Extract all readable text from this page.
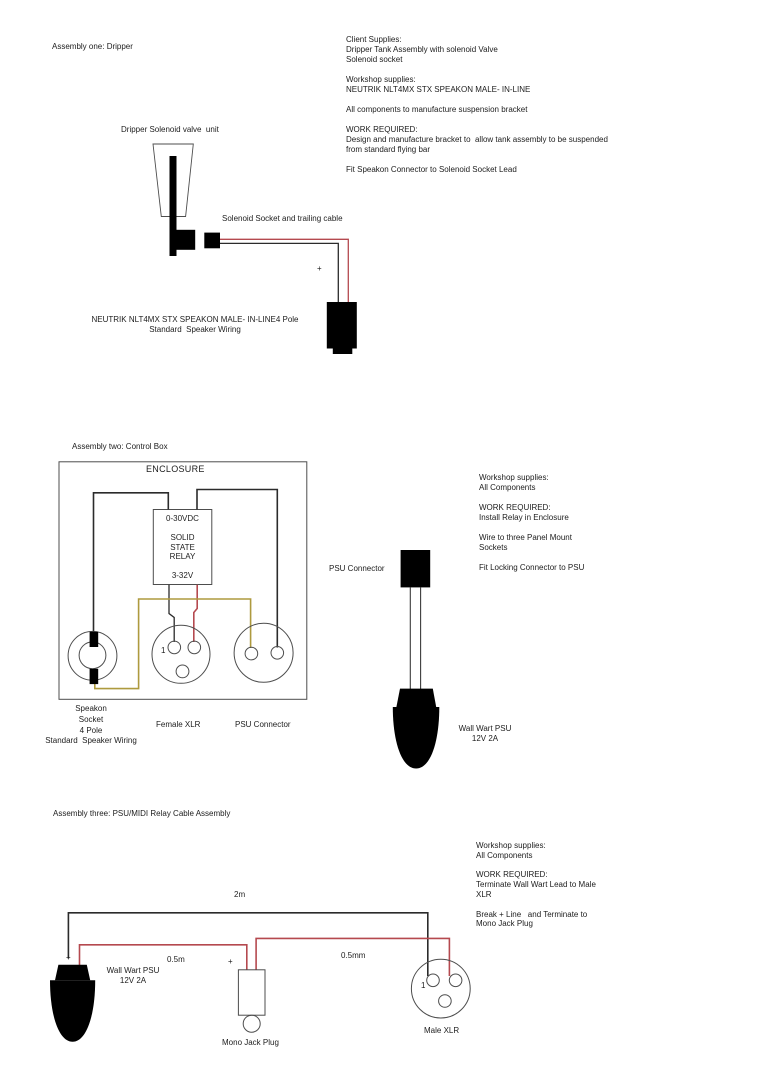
Assembly one: Dripper
Client Supplies:
Dripper Tank Assembly with solenoid Valve
Solenoid socket
Workshop supplies:
NEUTRIK NLT4MX STX SPEAKON MALE- IN-LINE
All components to manufacture suspension bracket
WORK REQUIRED:
Design and manufacture bracket to  allow tank assembly to be suspended
from standard flying bar
Fit Speakon Connector to Solenoid Socket Lead
Dripper Solenoid valve  unit
Solenoid Socket and trailing cable
+
NEUTRIK NLT4MX STX SPEAKON MALE- IN-LINE4 Pole
Standard  Speaker Wiring
Assembly two: Control Box
ENCLOSURE
0-30VDC
SOLID
STATE
RELAY
3-32V
1
Speakon
Socket
4 Pole
Standard  Speaker Wiring
Female XLR	PSU Connector
PSU Connector
Wall Wart PSU
12V 2A
Workshop supplies:
All Components
WORK REQUIRED:
Install Relay in Enclosure
Wire to three Panel Mount
Sockets
Fit Locking Connector to PSU
Assembly three: PSU/MIDI Relay Cable Assembly
Workshop supplies:
All Components
WORK REQUIRED:
Terminate Wall Wart Lead to Male
XLR
Break + Line   and Terminate to
Mono Jack Plug
2m
0.5m	+
0.5mm
+
Wall Wart PSU
12V 2A
1
Mono Jack Plug
Male XLR
